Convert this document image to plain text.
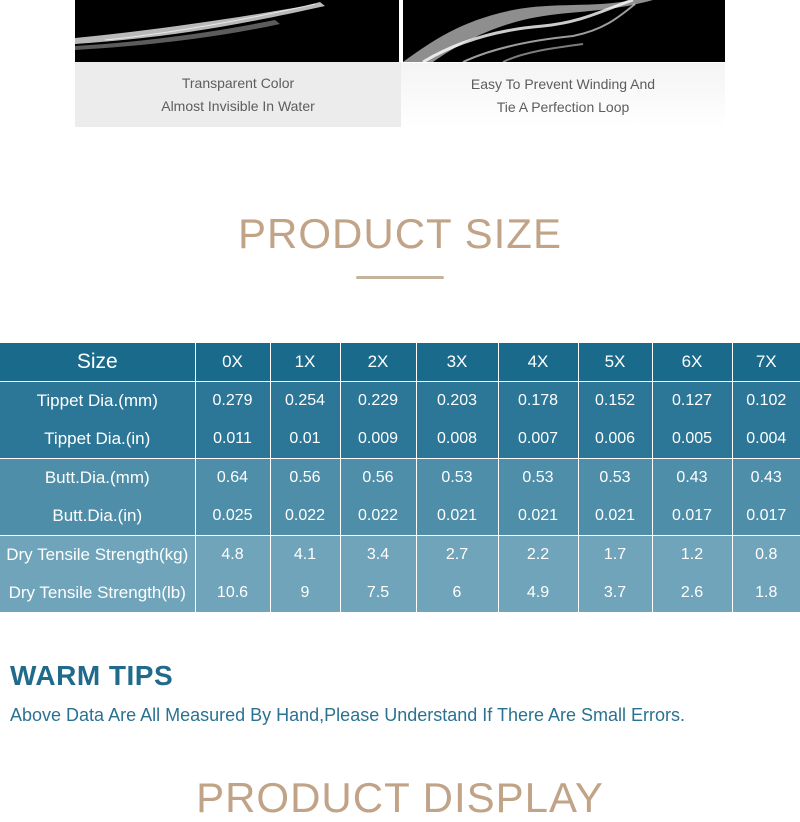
Transparent Color
Almost Invisible In Water
Easy To Prevent Winding And
Tie A Perfection Loop
PRODUCT SIZE
Size	0X	1X	2X	3X	4X	5X	6X	7X
Tippet Dia.(mm)	0.279	0.254	0.229	0.203	0.178	0.152	0.127	0.102
Tippet Dia.(in)	0.011	0.01	0.009	0.008	0.007	0.006	0.005	0.004
Butt.Dia.(mm)	0.64	0.56	0.56	0.53	0.53	0.53	0.43	0.43
Butt.Dia.(in)	0.025	0.022	0.022	0.021	0.021	0.021	0.017	0.017
Dry Tensile Strength(kg)	4.8	4.1	3.4	2.7	2.2	1.7	1.2	0.8
Dry Tensile Strength(lb)	10.6	9	7.5	6	4.9	3.7	2.6	1.8
WARM TIPS
Above Data Are All Measured By Hand,Please Understand If There Are Small Errors.
PRODUCT DISPLAY
